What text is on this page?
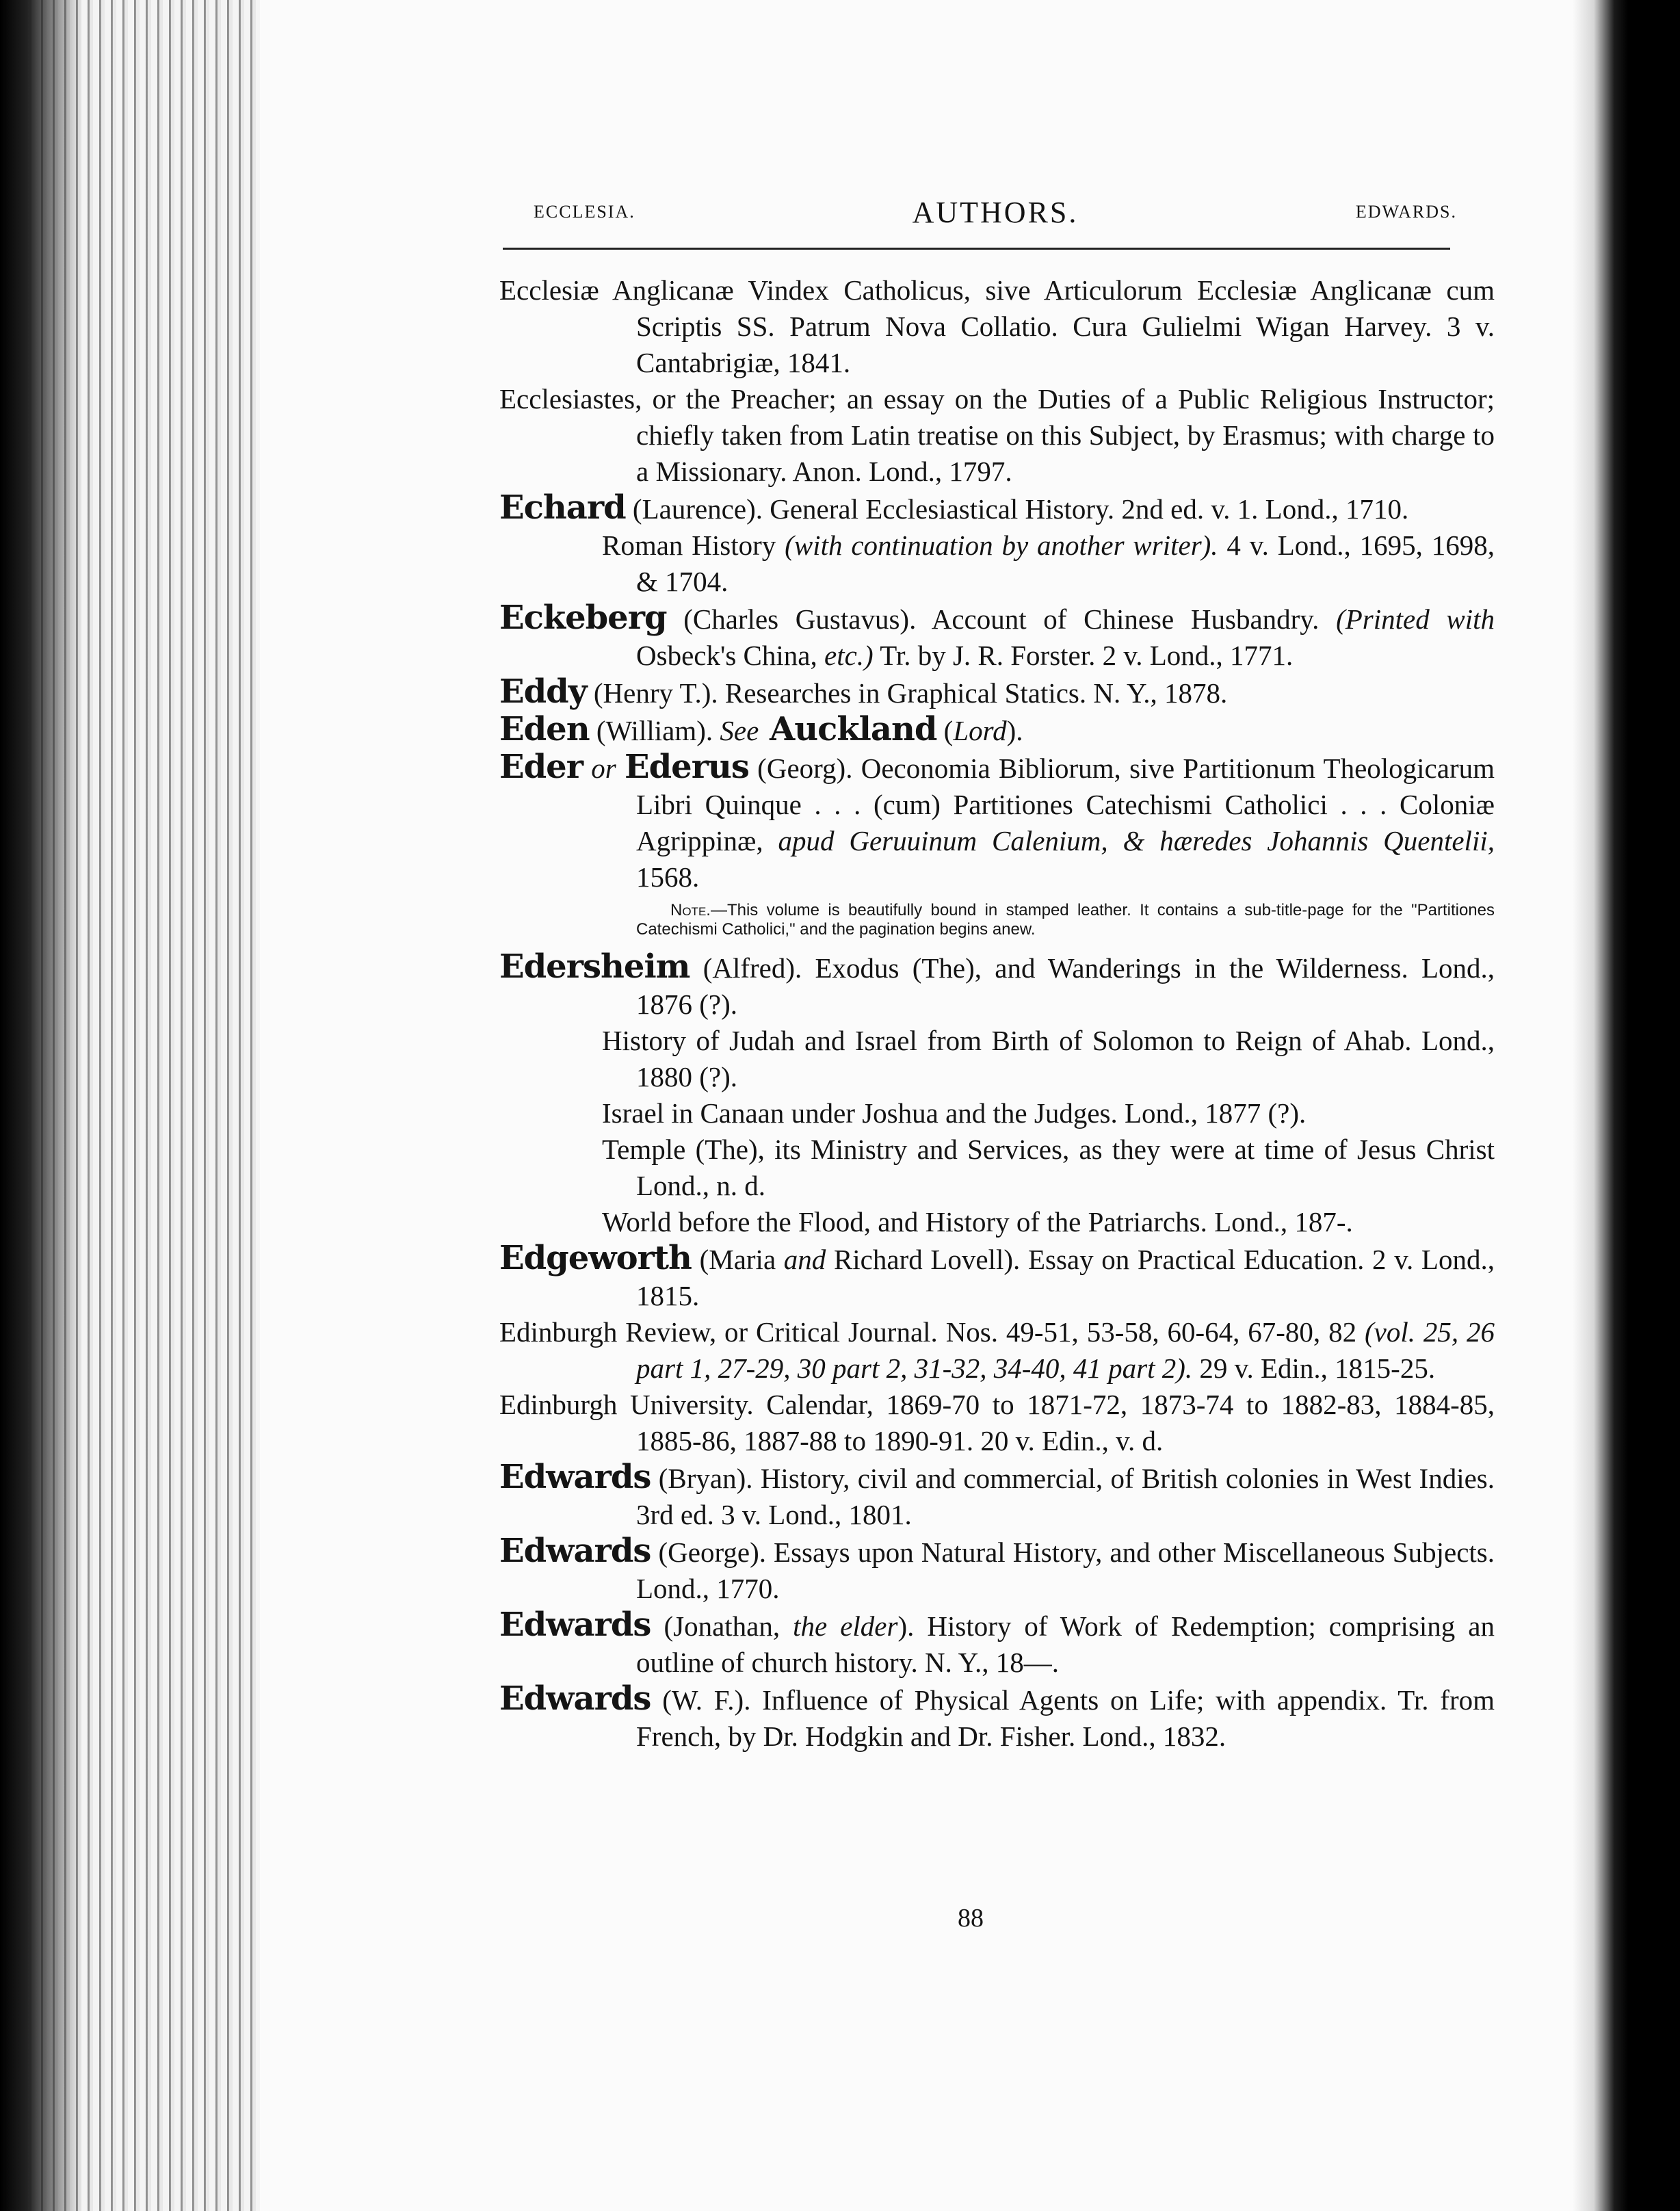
ECCLESIA.	AUTHORS.	EDWARDS.
Ecclesiæ Anglicanæ Vindex Catholicus, sive Articulorum Ecclesiæ Anglicanæ cum Scriptis SS. Patrum Nova Collatio. Cura Gulielmi Wigan Harvey. 3 v. Cantabrigiæ, 1841.
Ecclesiastes, or the Preacher; an essay on the Duties of a Public Religious Instructor; chiefly taken from Latin treatise on this Subject, by Erasmus; with charge to a Missionary. Anon. Lond., 1797.
Echard (Laurence). General Ecclesiastical History. 2nd ed. v. 1. Lond., 1710.
Roman History (with continuation by another writer). 4 v. Lond., 1695, 1698, & 1704.
Eckeberg (Charles Gustavus). Account of Chinese Husbandry. (Printed with Osbeck's China, etc.) Tr. by J. R. Forster. 2 v. Lond., 1771.
Eddy (Henry T.). Researches in Graphical Statics. N. Y., 1878.
Eden (William). See Auckland (Lord).
Eder or Ederus (Georg). Oeconomia Bibliorum, sive Partitionum Theologicarum Libri Quinque . . . (cum) Partitiones Catechismi Catholici . . . Coloniæ Agrippinæ, apud Geruuinum Calenium, & hæredes Johannis Quentelii, 1568.
Note.—This volume is beautifully bound in stamped leather. It contains a sub-title-page for the "Partitiones Catechismi Catholici," and the pagination begins anew.
Edersheim (Alfred). Exodus (The), and Wanderings in the Wilderness. Lond., 1876 (?).
History of Judah and Israel from Birth of Solomon to Reign of Ahab. Lond., 1880 (?).
Israel in Canaan under Joshua and the Judges. Lond., 1877 (?).
Temple (The), its Ministry and Services, as they were at time of Jesus Christ Lond., n. d.
World before the Flood, and History of the Patriarchs. Lond., 187-.
Edgeworth (Maria and Richard Lovell). Essay on Practical Education. 2 v. Lond., 1815.
Edinburgh Review, or Critical Journal. Nos. 49-51, 53-58, 60-64, 67-80, 82 (vol. 25, 26 part 1, 27-29, 30 part 2, 31-32, 34-40, 41 part 2). 29 v. Edin., 1815-25.
Edinburgh University. Calendar, 1869-70 to 1871-72, 1873-74 to 1882-83, 1884-85, 1885-86, 1887-88 to 1890-91. 20 v. Edin., v. d.
Edwards (Bryan). History, civil and commercial, of British colonies in West Indies. 3rd ed. 3 v. Lond., 1801.
Edwards (George). Essays upon Natural History, and other Miscellaneous Subjects. Lond., 1770.
Edwards (Jonathan, the elder). History of Work of Redemption; comprising an outline of church history. N. Y., 18—.
Edwards (W. F.). Influence of Physical Agents on Life; with appendix. Tr. from French, by Dr. Hodgkin and Dr. Fisher. Lond., 1832.
88
